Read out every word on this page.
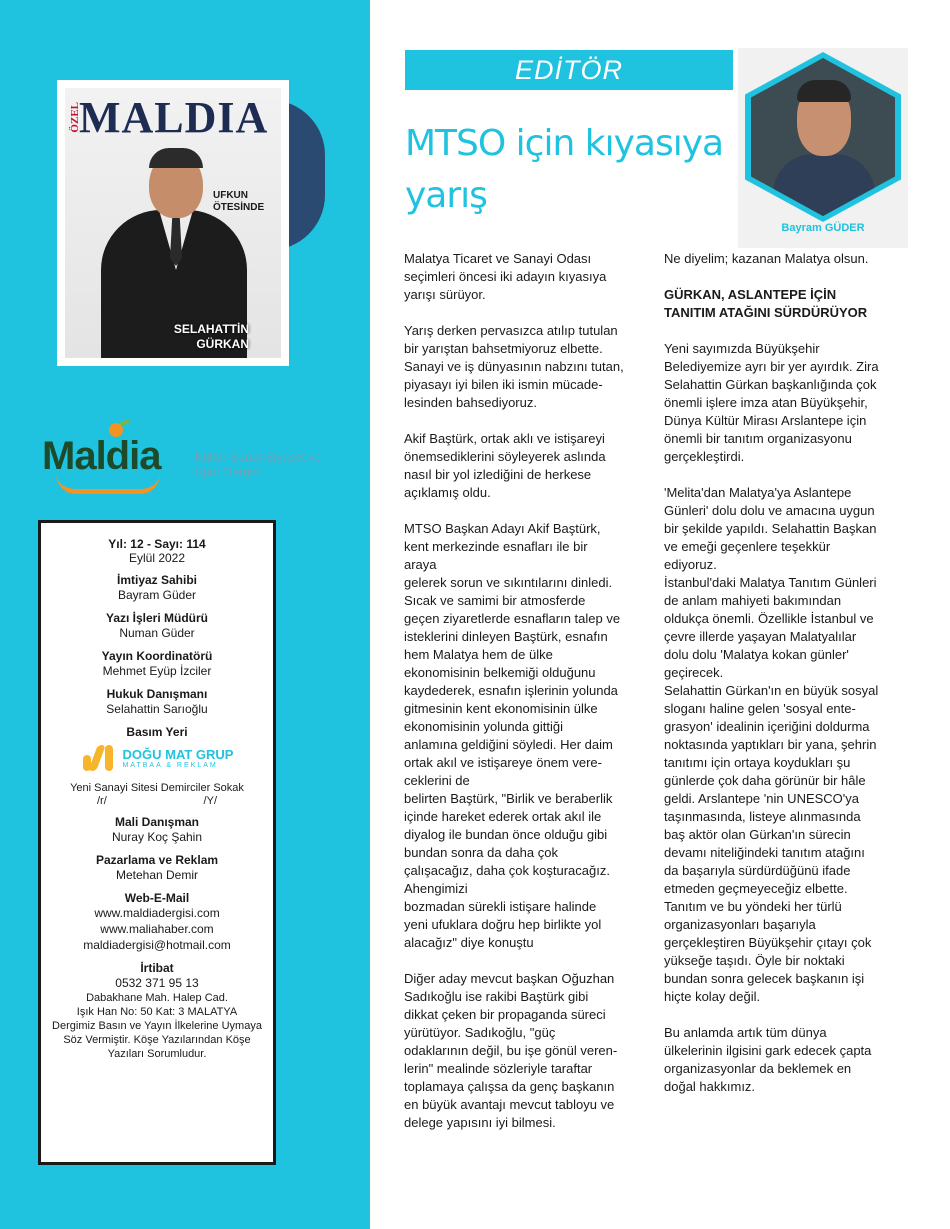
ÖZEL
MALDIA
UFKUN ÖTESİNDE
SELAHATTİN GÜRKAN
Maldia	Kültür-Sanat-Siyaset ve Spor Dergisi
Yıl: 12 - Sayı: 114
Eylül 2022
İmtiyaz Sahibi
Bayram Güder
Yazı İşleri Müdürü
Numan Güder
Yayın Koordinatörü
Mehmet Eyüp İzciler
Hukuk Danışmanı
Selahattin Sarıoğlu
Basım Yeri
DOĞU MAT GRUP
MATBAA & REKLAM
Yeni Sanayi Sitesi Demirciler Sokak
/r/	/Y/
Mali Danışman
Nuray Koç Şahin
Pazarlama ve Reklam
Metehan Demir
Web-E-Mail
www.maldiadergisi.com
www.maliahaber.com
maldiadergisi@hotmail.com
İrtibat
0532 371 95 13
Dabakhane Mah. Halep Cad.
Işık Han No: 50 Kat: 3 MALATYA
Dergimiz Basın ve Yayın İlkelerine Uymaya Söz Vermiştir. Köşe Yazılarından Köşe Yazıları Sorumludur.
EDİTÖR
MTSO için kıyasıya yarış
Bayram GÜDER
Malatya Ticaret ve Sanayi Odası
seçimleri öncesi iki adayın kıyasıya
yarışı sürüyor.
Yarış derken pervasızca atılıp tutulan
bir yarıştan bahsetmiyoruz elbette.
Sanayi ve iş dünyasının nabzını tutan,
piyasayı iyi bilen iki ismin mücade-
lesinden bahsediyoruz.
Akif Baştürk, ortak aklı ve istişareyi
önemsediklerini söyleyerek aslında
nasıl bir yol izlediğini de herkese
açıklamış oldu.
MTSO Başkan Adayı Akif Baştürk,
kent merkezinde esnafları ile bir
araya
gelerek sorun ve sıkıntılarını dinledi.
Sıcak ve samimi bir atmosferde
geçen ziyaretlerde esnafların talep ve
isteklerini dinleyen Baştürk, esnafın
hem Malatya hem de ülke
ekonomisinin belkemiği olduğunu
kaydederek, esnafın işlerinin yolunda
gitmesinin kent ekonomisinin ülke
ekonomisinin yolunda gittiği
anlamına geldiğini söyledi. Her daim
ortak akıl ve istişareye önem vere-
ceklerini de
belirten Baştürk, "Birlik ve beraberlik
içinde hareket ederek ortak akıl ile
diyalog ile bundan önce olduğu gibi
bundan sonra da daha çok
çalışacağız, daha çok koşturacağız.
Ahengimizi
bozmadan sürekli istişare halinde
yeni ufuklara doğru hep birlikte yol
alacağız" diye konuştu
Diğer aday mevcut başkan Oğuzhan
Sadıkoğlu ise rakibi Baştürk gibi
dikkat çeken bir propaganda süreci
yürütüyor. Sadıkoğlu, "güç
odaklarının değil, bu işe gönül veren-
lerin" mealinde sözleriyle taraftar
toplamaya çalışsa da genç başkanın
en büyük avantajı mevcut tabloyu ve
delege yapısını iyi bilmesi.
Ne diyelim; kazanan Malatya olsun.
GÜRKAN, ASLANTEPE İÇİN
TANITIM ATAĞINI SÜRDÜRÜYOR
Yeni sayımızda Büyükşehir
Belediyemize ayrı bir yer ayırdık. Zira
Selahattin Gürkan başkanlığında çok
önemli işlere imza atan Büyükşehir,
Dünya Kültür Mirası Arslantepe için
önemli bir tanıtım organizasyonu
gerçekleştirdi.
'Melita'dan Malatya'ya Aslantepe
Günleri' dolu dolu ve amacına uygun
bir şekilde yapıldı. Selahattin Başkan
ve emeği geçenlere teşekkür
ediyoruz.
İstanbul'daki Malatya Tanıtım Günleri
de anlam mahiyeti bakımından
oldukça önemli. Özellikle İstanbul ve
çevre illerde yaşayan Malatyalılar
dolu dolu 'Malatya kokan günler'
geçirecek.
Selahattin Gürkan'ın en büyük sosyal
sloganı haline gelen 'sosyal ente-
grasyon' idealinin içeriğini doldurma
noktasında yaptıkları bir yana, şehrin
tanıtımı için ortaya koydukları şu
günlerde çok daha görünür bir hâle
geldi. Arslantepe 'nin UNESCO'ya
taşınmasında, listeye alınmasında
baş aktör olan Gürkan'ın sürecin
devamı niteliğindeki tanıtım atağını
da başarıyla sürdürdüğünü ifade
etmeden geçmeyeceğiz elbette.
Tanıtım ve bu yöndeki her türlü
organizasyonları başarıyla
gerçekleştiren Büyükşehir çıtayı çok
yükseğe taşıdı. Öyle bir noktaki
bundan sonra gelecek başkanın işi
hiçte kolay değil.
Bu anlamda artık tüm dünya
ülkelerinin ilgisini gark edecek çapta
organizasyonlar da beklemek en
doğal hakkımız.
